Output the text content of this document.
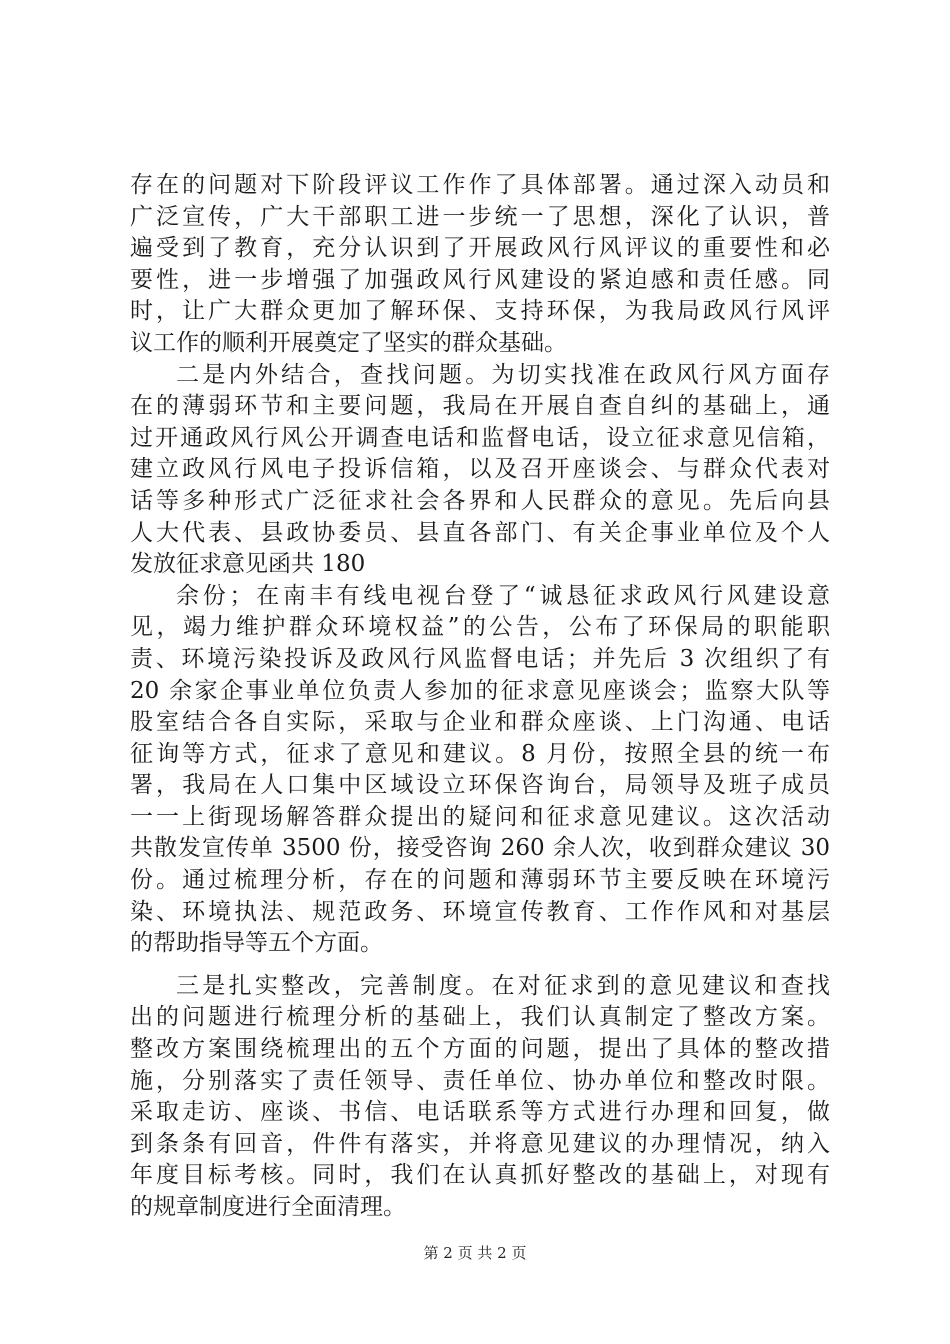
存在的问题对下阶段评议工作作了具体部署。通过深入动员和
广泛宣传，广大干部职工进一步统一了思想，深化了认识，普
遍受到了教育，充分认识到了开展政风行风评议的重要性和必
要性，进一步增强了加强政风行风建设的紧迫感和责任感。同
时，让广大群众更加了解环保、支持环保，为我局政风行风评
议工作的顺利开展奠定了坚实的群众基础。
二是内外结合，查找问题。为切实找准在政风行风方面存
在的薄弱环节和主要问题，我局在开展自查自纠的基础上，通
过开通政风行风公开调查电话和监督电话，设立征求意见信箱，
建立政风行风电子投诉信箱，以及召开座谈会、与群众代表对
话等多种形式广泛征求社会各界和人民群众的意见。先后向县
人大代表、县政协委员、县直各部门、有关企事业单位及个人
发放征求意见函共 180
余份；在南丰有线电视台登了“诚恳征求政风行风建设意
见，竭力维护群众环境权益”的公告，公布了环保局的职能职
责、环境污染投诉及政风行风监督电话；并先后 3 次组织了有
20 余家企事业单位负责人参加的征求意见座谈会；监察大队等
股室结合各自实际，采取与企业和群众座谈、上门沟通、电话
征询等方式，征求了意见和建议。8 月份，按照全县的统一布
署，我局在人口集中区域设立环保咨询台，局领导及班子成员
一一上街现场解答群众提出的疑问和征求意见建议。这次活动
共散发宣传单 3500 份，接受咨询 260 余人次，收到群众建议 30
份。通过梳理分析，存在的问题和薄弱环节主要反映在环境污
染、环境执法、规范政务、环境宣传教育、工作作风和对基层
的帮助指导等五个方面。
三是扎实整改，完善制度。在对征求到的意见建议和查找
出的问题进行梳理分析的基础上，我们认真制定了整改方案。
整改方案围绕梳理出的五个方面的问题，提出了具体的整改措
施，分别落实了责任领导、责任单位、协办单位和整改时限。
采取走访、座谈、书信、电话联系等方式进行办理和回复，做
到条条有回音，件件有落实，并将意见建议的办理情况，纳入
年度目标考核。同时，我们在认真抓好整改的基础上，对现有
的规章制度进行全面清理。
第 2 页 共 2 页
